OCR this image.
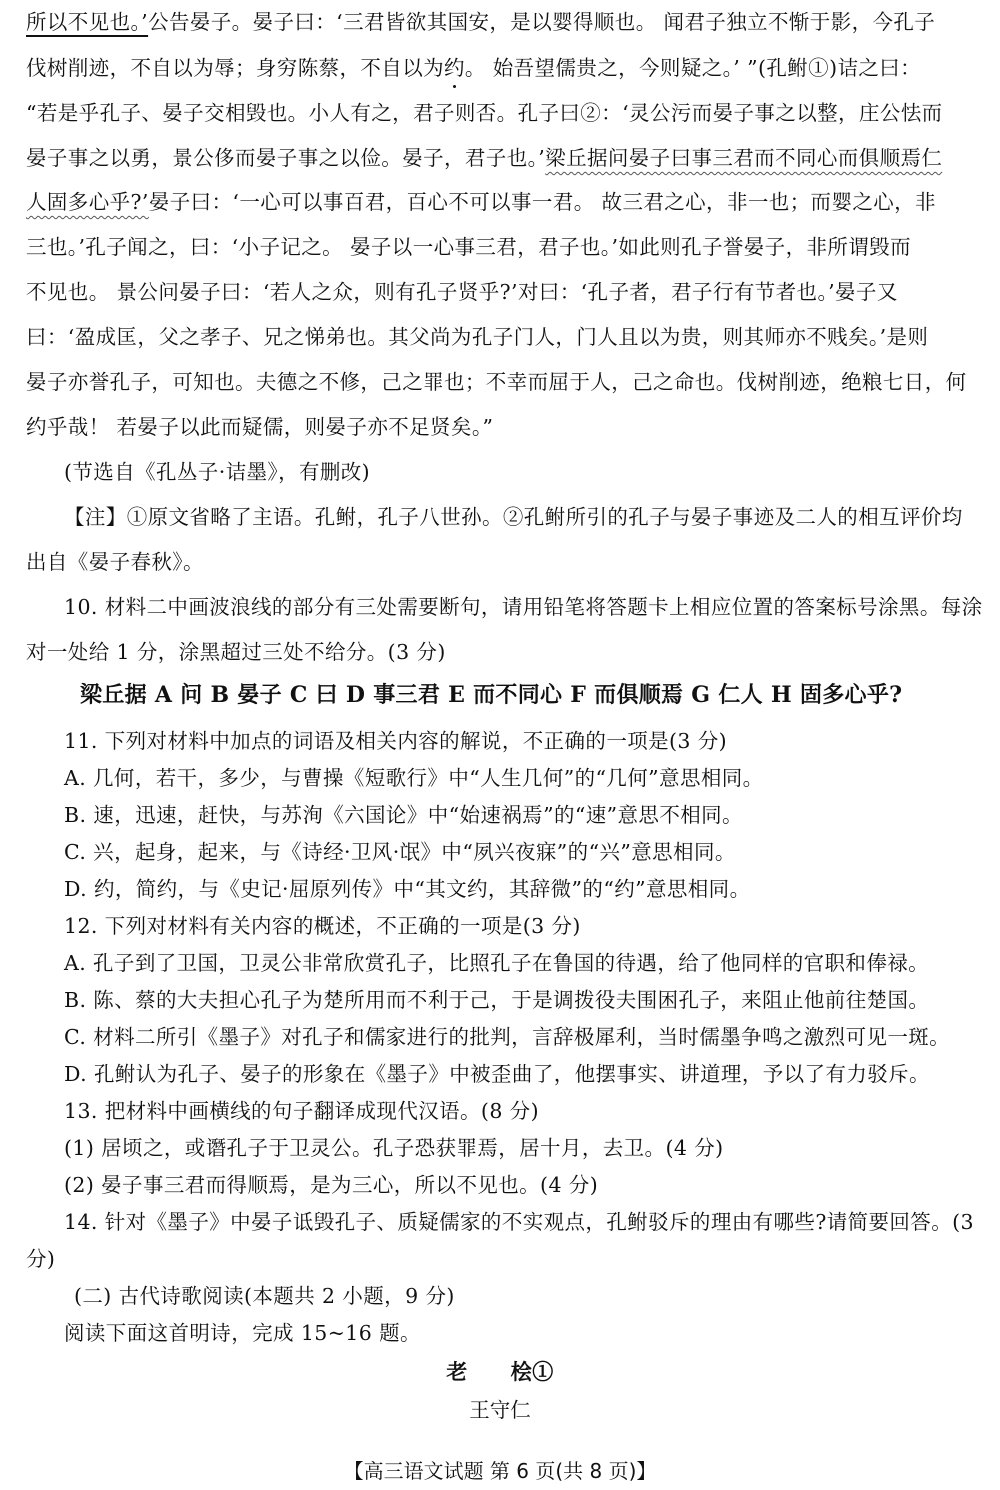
所以不见也。’公告晏子。晏子曰：‘三君皆欲其国安，是以婴得顺也。 闻君子独立不惭于影，今孔子
伐树削迹，不自以为辱；身穷陈蔡，不自以为约。 始吾望儒贵之，今则疑之。’ ”(孔鲋①)诘之曰：
“若是乎孔子、晏子交相毁也。小人有之，君子则否。孔子曰②：‘灵公污而晏子事之以整，庄公怯而
晏子事之以勇，景公侈而晏子事之以俭。晏子，君子也。’梁丘据问晏子曰事三君而不同心而俱顺焉仁
人固多心乎?’晏子曰：‘一心可以事百君，百心不可以事一君。 故三君之心，非一也；而婴之心，非
三也。’孔子闻之，曰：‘小子记之。 晏子以一心事三君，君子也。’如此则孔子誉晏子，非所谓毁而
不见也。 景公问晏子曰：‘若人之众，则有孔子贤乎?’对曰：‘孔子者，君子行有节者也。’晏子又
曰：‘盈成匡，父之孝子、兄之悌弟也。其父尚为孔子门人，门人且以为贵，则其师亦不贱矣。’是则
晏子亦誉孔子，可知也。夫德之不修，己之罪也；不幸而屈于人，己之命也。伐树削迹，绝粮七日，何
约乎哉！ 若晏子以此而疑儒，则晏子亦不足贤矣。”
(节选自《孔丛子·诘墨》，有删改)
【注】①原文省略了主语。孔鲋，孔子八世孙。②孔鲋所引的孔子与晏子事迹及二人的相互评价均
出自《晏子春秋》。
10. 材料二中画波浪线的部分有三处需要断句，请用铅笔将答题卡上相应位置的答案标号涂黑。每涂
对一处给 1 分，涂黑超过三处不给分。(3 分)
梁丘据 A 问 B 晏子 C 曰 D 事三君 E 而不同心 F 而俱顺焉 G 仁人 H 固多心乎?
11. 下列对材料中加点的词语及相关内容的解说，不正确的一项是(3 分)
A. 几何，若干，多少，与曹操《短歌行》中“人生几何”的“几何”意思相同。
B. 速，迅速，赶快，与苏洵《六国论》中“始速祸焉”的“速”意思不相同。
C. 兴，起身，起来，与《诗经·卫风·氓》中“夙兴夜寐”的“兴”意思相同。
D. 约，简约，与《史记·屈原列传》中“其文约，其辞微”的“约”意思相同。
12. 下列对材料有关内容的概述，不正确的一项是(3 分)
A. 孔子到了卫国，卫灵公非常欣赏孔子，比照孔子在鲁国的待遇，给了他同样的官职和俸禄。
B. 陈、蔡的大夫担心孔子为楚所用而不利于己，于是调拨役夫围困孔子，来阻止他前往楚国。
C. 材料二所引《墨子》对孔子和儒家进行的批判，言辞极犀利，当时儒墨争鸣之激烈可见一斑。
D. 孔鲋认为孔子、晏子的形象在《墨子》中被歪曲了，他摆事实、讲道理，予以了有力驳斥。
13. 把材料中画横线的句子翻译成现代汉语。(8 分)
(1) 居顷之，或谮孔子于卫灵公。孔子恐获罪焉，居十月，去卫。(4 分)
(2) 晏子事三君而得顺焉，是为三心，所以不见也。(4 分)
14. 针对《墨子》中晏子诋毁孔子、质疑儒家的不实观点，孔鲋驳斥的理由有哪些?请简要回答。(3
分)
(二) 古代诗歌阅读(本题共 2 小题，9 分)
阅读下面这首明诗，完成 15~16 题。
老　　桧①
王守仁
【高三语文试题 第 6 页(共 8 页)】
